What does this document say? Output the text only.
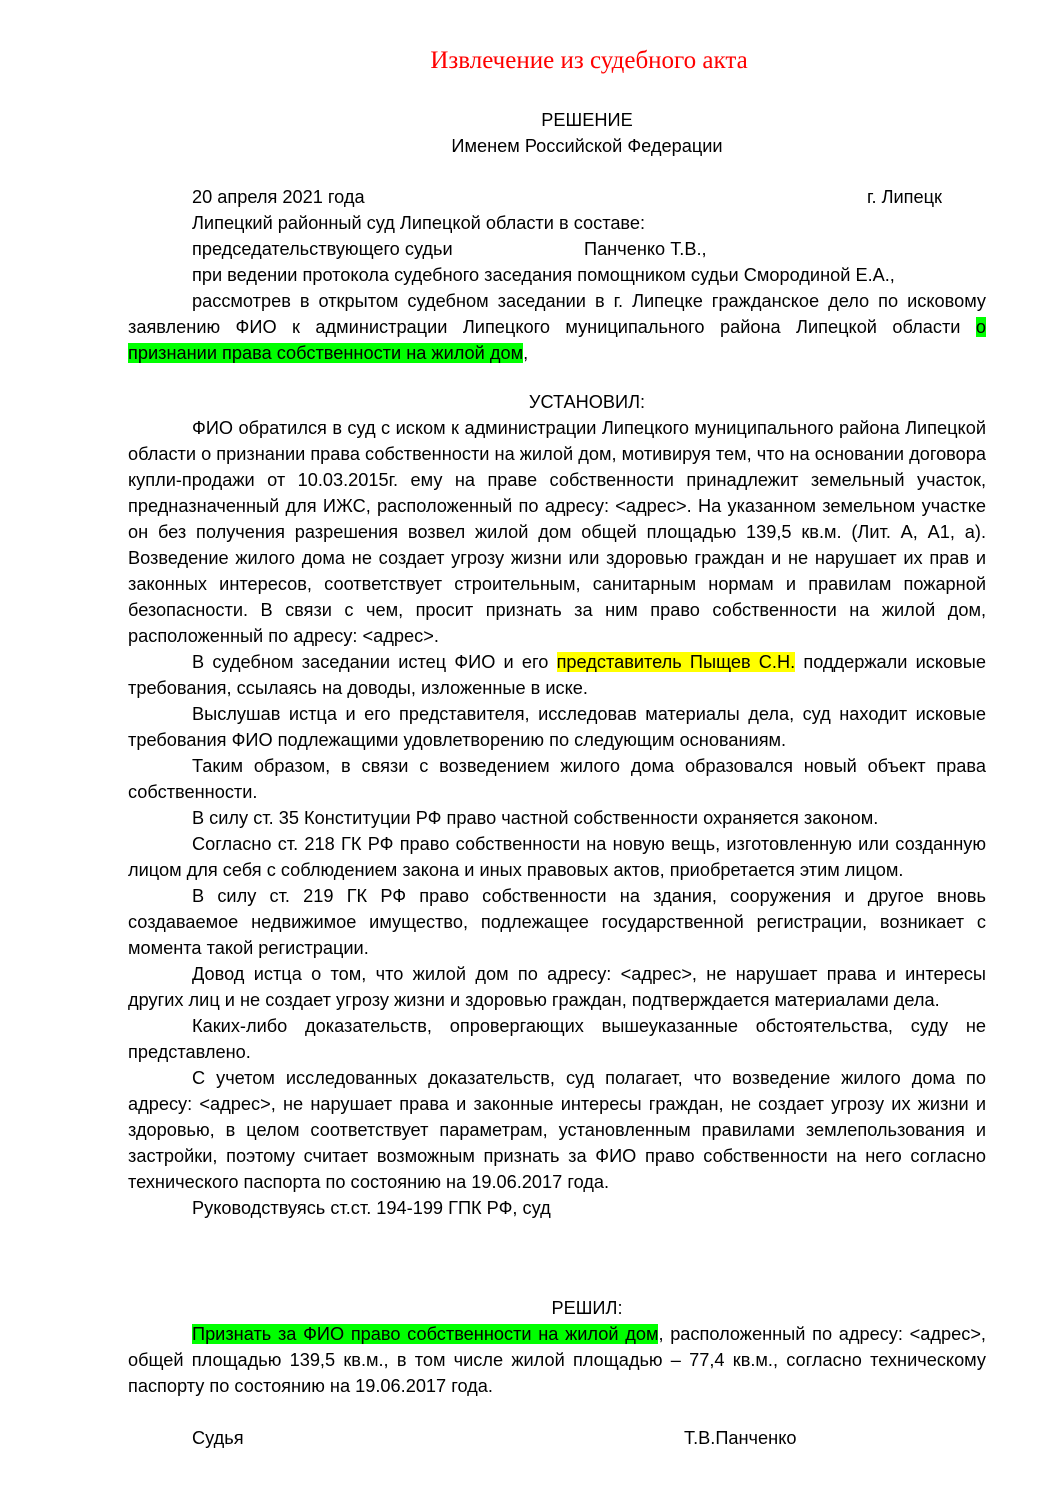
Извлечение из судебного акта

РЕШЕНИЕ

Именем Российской Федерации

20 апреля 2021 года	г. Липецк

Липецкий районный суд Липецкой области в составе:

председательствующего судьи	Панченко Т.В.,

при ведении протокола судебного заседания помощником судьи Смородиной Е.А.,

рассмотрев в открытом судебном заседании в г. Липецке гражданское дело по исковому заявлению ФИО к администрации Липецкого муниципального района Липецкой области о признании права собственности на жилой дом,

УСТАНОВИЛ:

ФИО обратился в суд с иском к администрации Липецкого муниципального района Липецкой области о признании права собственности на жилой дом, мотивируя тем, что на основании договора купли-продажи от 10.03.2015г. ему на праве собственности принадлежит земельный участок, предназначенный для ИЖС, расположенный по адресу: <адрес>. На указанном земельном участке он без получения разрешения возвел жилой дом общей площадью 139,5 кв.м. (Лит. А, А1, а). Возведение жилого дома не создает угрозу жизни или здоровью граждан и не нарушает их прав и законных интересов, соответствует строительным, санитарным нормам и правилам пожарной безопасности. В связи с чем, просит признать за ним право собственности на жилой дом, расположенный по адресу: <адрес>.

В судебном заседании истец ФИО и его представитель Пыщев С.Н. поддержали исковые требования, ссылаясь на доводы, изложенные в иске.

Выслушав истца и его представителя, исследовав материалы дела, суд находит исковые требования ФИО подлежащими удовлетворению по следующим основаниям.

Таким образом, в связи с возведением жилого дома образовался новый объект права собственности.

В силу ст. 35 Конституции РФ право частной собственности охраняется законом.

Согласно ст. 218 ГК РФ право собственности на новую вещь, изготовленную или созданную лицом для себя с соблюдением закона и иных правовых актов, приобретается этим лицом.

В силу ст. 219 ГК РФ право собственности на здания, сооружения и другое вновь создаваемое недвижимое имущество, подлежащее государственной регистрации, возникает с момента такой регистрации.

Довод истца о том, что жилой дом по адресу: <адрес>, не нарушает права и интересы других лиц и не создает угрозу жизни и здоровью граждан, подтверждается материалами дела.

Каких-либо доказательств, опровергающих вышеуказанные обстоятельства, суду не представлено.

С учетом исследованных доказательств, суд полагает, что возведение жилого дома по адресу: <адрес>, не нарушает права и законные интересы граждан, не создает угрозу их жизни и здоровью, в целом соответствует параметрам, установленным правилами землепользования и застройки, поэтому считает возможным признать за ФИО право собственности на него согласно технического паспорта по состоянию на 19.06.2017 года.

Руководствуясь ст.ст. 194-199 ГПК РФ, суд

РЕШИЛ:

Признать за ФИО право собственности на жилой дом, расположенный по адресу: <адрес>, общей площадью 139,5 кв.м., в том числе жилой площадью – 77,4 кв.м., согласно техническому паспорту по состоянию на 19.06.2017 года.

Судья	Т.В.Панченко
